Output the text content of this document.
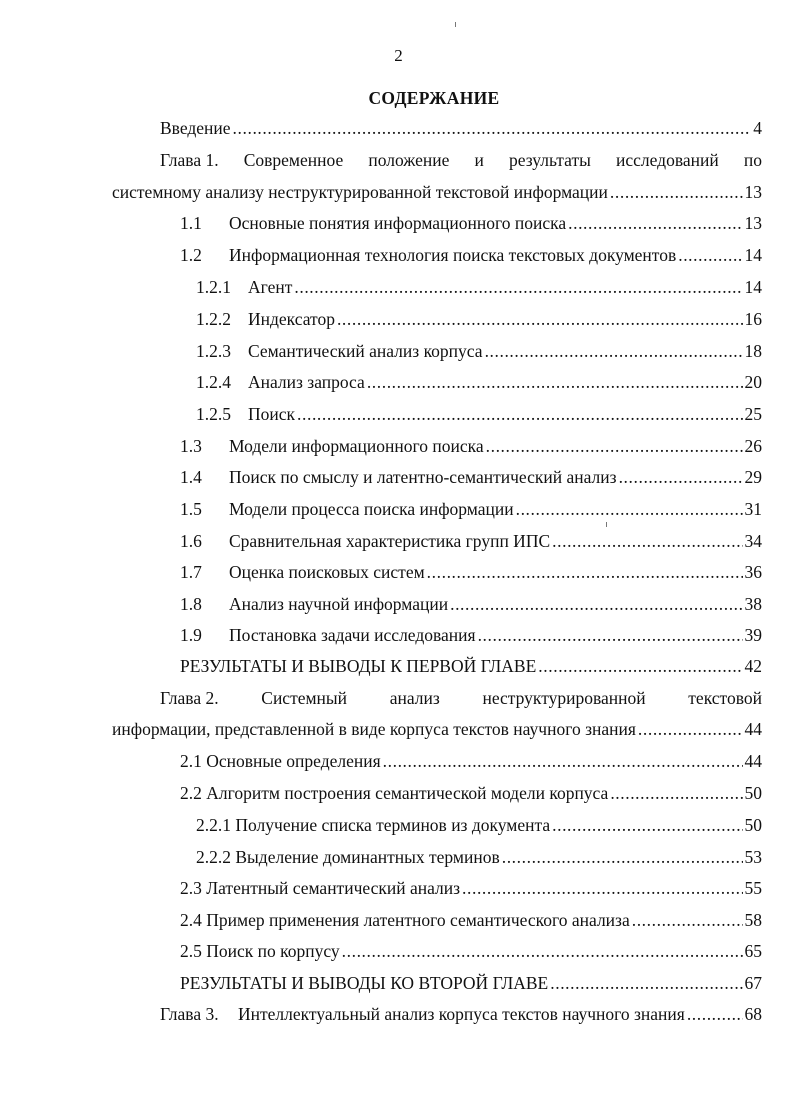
2
СОДЕРЖАНИЕ
Введение .....	4
Глава 1. Современное положение и результаты исследований по
системному анализу неструктурированной текстовой информации .....	13
1.1	Основные понятия информационного поиска .....	13
1.2	Информационная технология поиска текстовых документов .....	14
1.2.1 Агент .....	14
1.2.2 Индексатор .....	16
1.2.3 Семантический анализ корпуса .....	18
1.2.4 Анализ запроса .....	20
1.2.5 Поиск .....	25
1.3	Модели информационного поиска .....	26
1.4	Поиск по смыслу и латентно-семантический анализ .....	29
1.5	Модели процесса поиска информации .....	31
1.6	Сравнительная характеристика групп ИПС .....	34
1.7	Оценка поисковых систем .....	36
1.8	Анализ научной информации .....	38
1.9	Постановка задачи исследования .....	39
РЕЗУЛЬТАТЫ И ВЫВОДЫ К ПЕРВОЙ ГЛАВЕ .....	42
Глава 2. Системный анализ неструктурированной текстовой
информации, представленной в виде корпуса текстов научного знания .....	44
2.1 Основные определения .....	44
2.2 Алгоритм построения семантической модели корпуса .....	50
2.2.1 Получение списка терминов из документа .....	50
2.2.2 Выделение доминантных терминов .....	53
2.3 Латентный семантический анализ .....	55
2.4 Пример применения латентного семантического анализа .....	58
2.5 Поиск по корпусу .....	65
РЕЗУЛЬТАТЫ И ВЫВОДЫ КО ВТОРОЙ ГЛАВЕ .....	67
Глава 3.	Интеллектуальный анализ корпуса текстов научного знания .....	68
